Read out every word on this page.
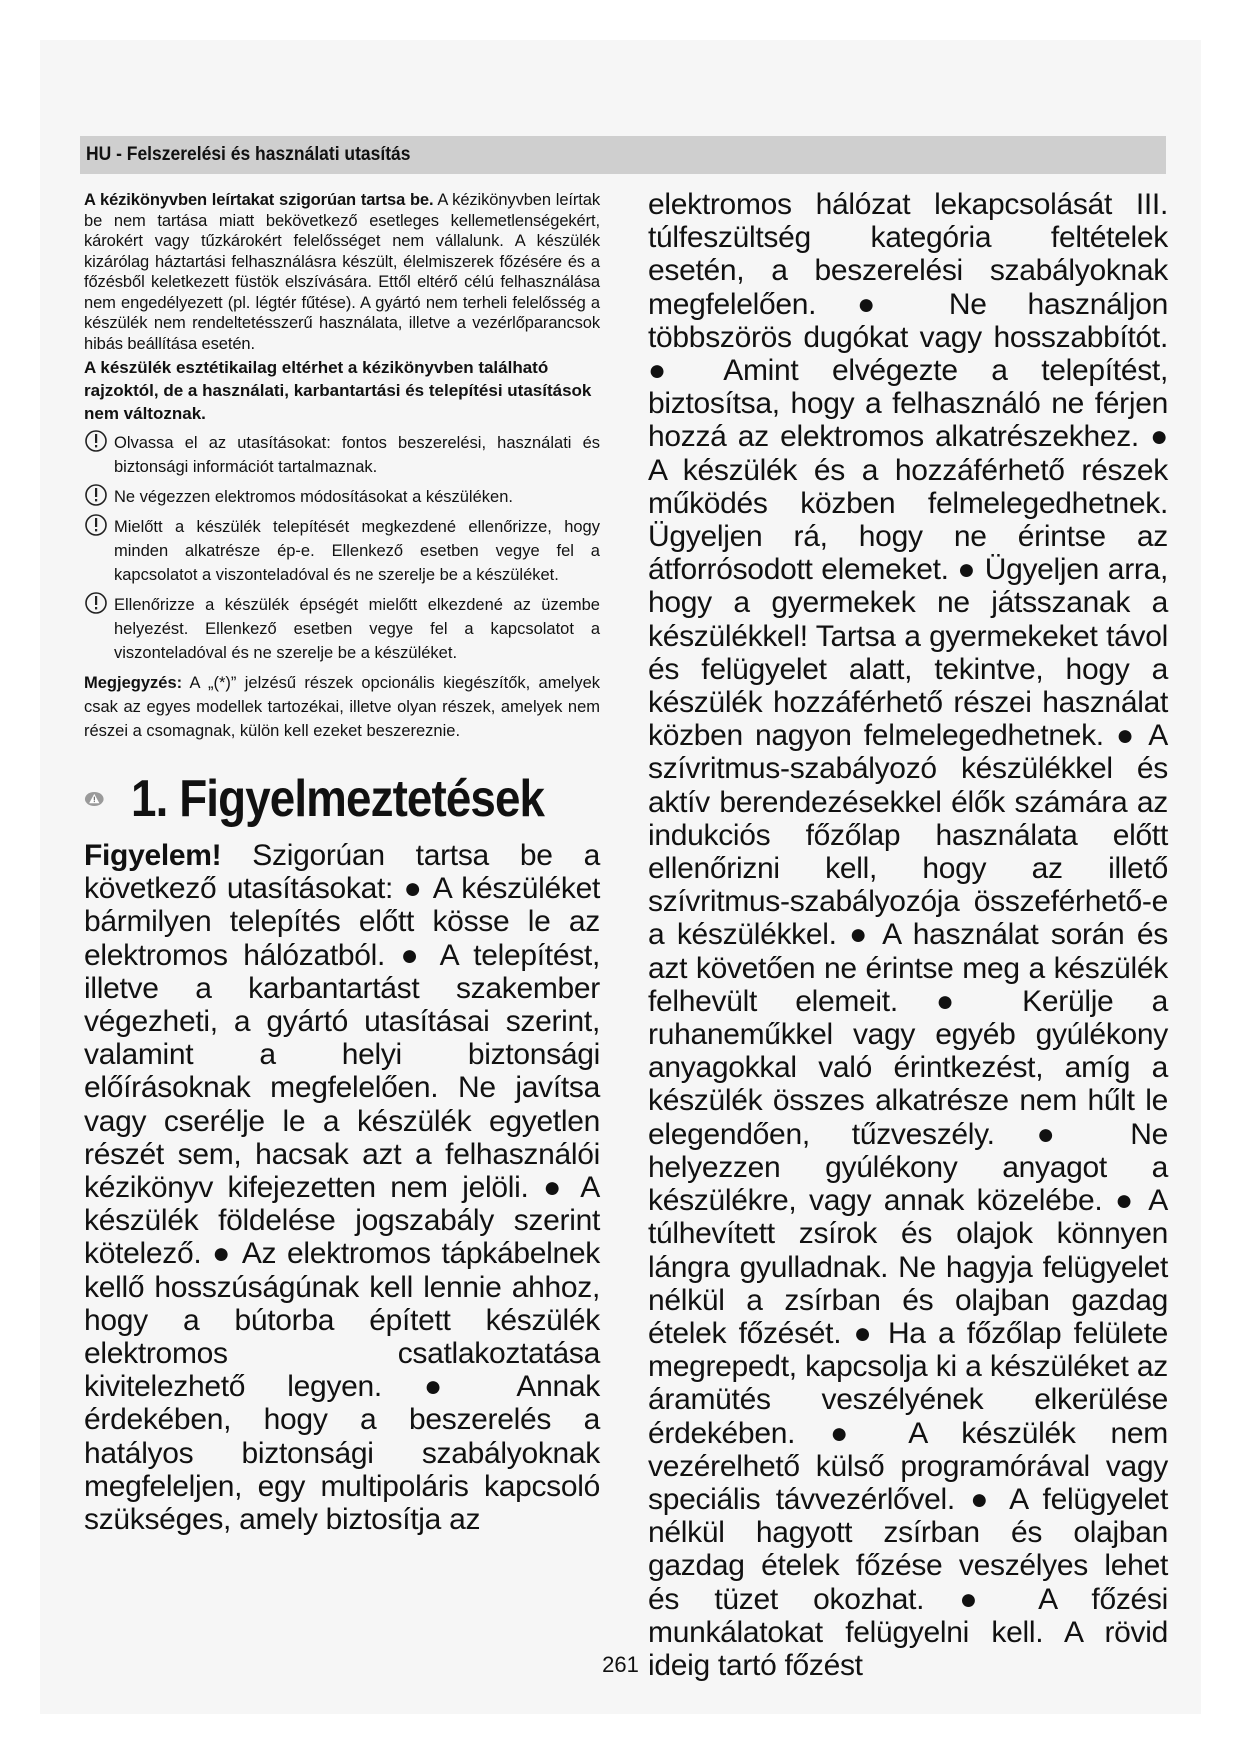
HU - Felszerelési és használati utasítás

A kézikönyvben leírtakat szigorúan tartsa be. A kézikönyvben leírtak be nem tartása miatt bekövetkező esetleges kellemetlenségekért, károkért vagy tűzkárokért felelősséget nem vállalunk. A készülék kizárólag háztartási felhasználásra készült, élelmiszerek főzésére és a főzésből keletkezett füstök elszívására. Ettől eltérő célú felhasználása nem engedélyezett (pl. légtér fűtése). A gyártó nem terheli felelősség a készülék nem rendeltetésszerű használata, illetve a vezérlőparancsok hibás beállítása esetén.

A készülék esztétikailag eltérhet a kézikönyvben található rajzoktól, de a használati, karbantartási és telepítési utasítások nem változnak.

Olvassa el az utasításokat: fontos beszerelési, használati és biztonsági információt tartalmaznak.

Ne végezzen elektromos módosításokat a készüléken.

Mielőtt a készülék telepítését megkezdené ellenőrizze, hogy minden alkatrésze ép-e. Ellenkező esetben vegye fel a kapcsolatot a viszonteladóval és ne szerelje be a készüléket.

Ellenőrizze a készülék épségét mielőtt elkezdené az üzembe helyezést. Ellenkező esetben vegye fel a kapcsolatot a viszonteladóval és ne szerelje be a készüléket.

Megjegyzés: A „(*)” jelzésű részek opcionális kiegészítők, amelyek csak az egyes modellek tartozékai, illetve olyan részek, amelyek nem részei a csomagnak, külön kell ezeket beszereznie.

1. Figyelmeztetések

Figyelem! Szigorúan tartsa be a következő utasításokat: ● A készüléket bármilyen telepítés előtt kösse le az elektromos hálózatból. ● A telepítést, illetve a karbantartást szakember végezheti, a gyártó utasításai szerint, valamint a helyi biztonsági előírásoknak megfelelően. Ne javítsa vagy cserélje le a készülék egyetlen részét sem, hacsak azt a felhasználói kézikönyv kifejezetten nem jelöli. ● A készülék földelése jogszabály szerint kötelező. ● Az elektromos tápkábelnek kellő hosszúságúnak kell lennie ahhoz, hogy a bútorba épített készülék elektromos csatlakoztatása kivitelezhető legyen. ● Annak érdekében, hogy a beszerelés a hatályos biztonsági szabályoknak megfeleljen, egy multipoláris kapcsoló szükséges, amely biztosítja az

elektromos hálózat lekapcsolását III. túlfeszültség kategória feltételek esetén, a beszerelési szabályoknak megfelelően. ● Ne használjon többszörös dugókat vagy hosszabbítót. ● Amint elvégezte a telepítést, biztosítsa, hogy a felhasználó ne férjen hozzá az elektromos alkatrészekhez. ● A készülék és a hozzáférhető részek működés közben felmelegedhetnek. Ügyeljen rá, hogy ne érintse az átforrósodott elemeket. ● Ügyeljen arra, hogy a gyermekek ne játsszanak a készülékkel! Tartsa a gyermekeket távol és felügyelet alatt, tekintve, hogy a készülék hozzáférhető részei használat közben nagyon felmelegedhetnek. ● A szívritmus-szabályozó készülékkel és aktív berendezésekkel élők számára az indukciós főzőlap használata előtt ellenőrizni kell, hogy az illető szívritmus-szabályozója összeférhető-e a készülékkel. ● A használat során és azt követően ne érintse meg a készülék felhevült elemeit. ● Kerülje a ruhaneműkkel vagy egyéb gyúlékony anyagokkal való érintkezést, amíg a készülék összes alkatrésze nem hűlt le elegendően, tűzveszély. ● Ne helyezzen gyúlékony anyagot a készülékre, vagy annak közelébe. ● A túlhevített zsírok és olajok könnyen lángra gyulladnak. Ne hagyja felügyelet nélkül a zsírban és olajban gazdag ételek főzését. ● Ha a főzőlap felülete megrepedt, kapcsolja ki a készüléket az áramütés veszélyének elkerülése érdekében. ● A készülék nem vezérelhető külső programórával vagy speciális távvezérlővel. ● A felügyelet nélkül hagyott zsírban és olajban gazdag ételek főzése veszélyes lehet és tüzet okozhat. ● A főzési munkálatokat felügyelni kell. A rövid ideig tartó főzést

261
